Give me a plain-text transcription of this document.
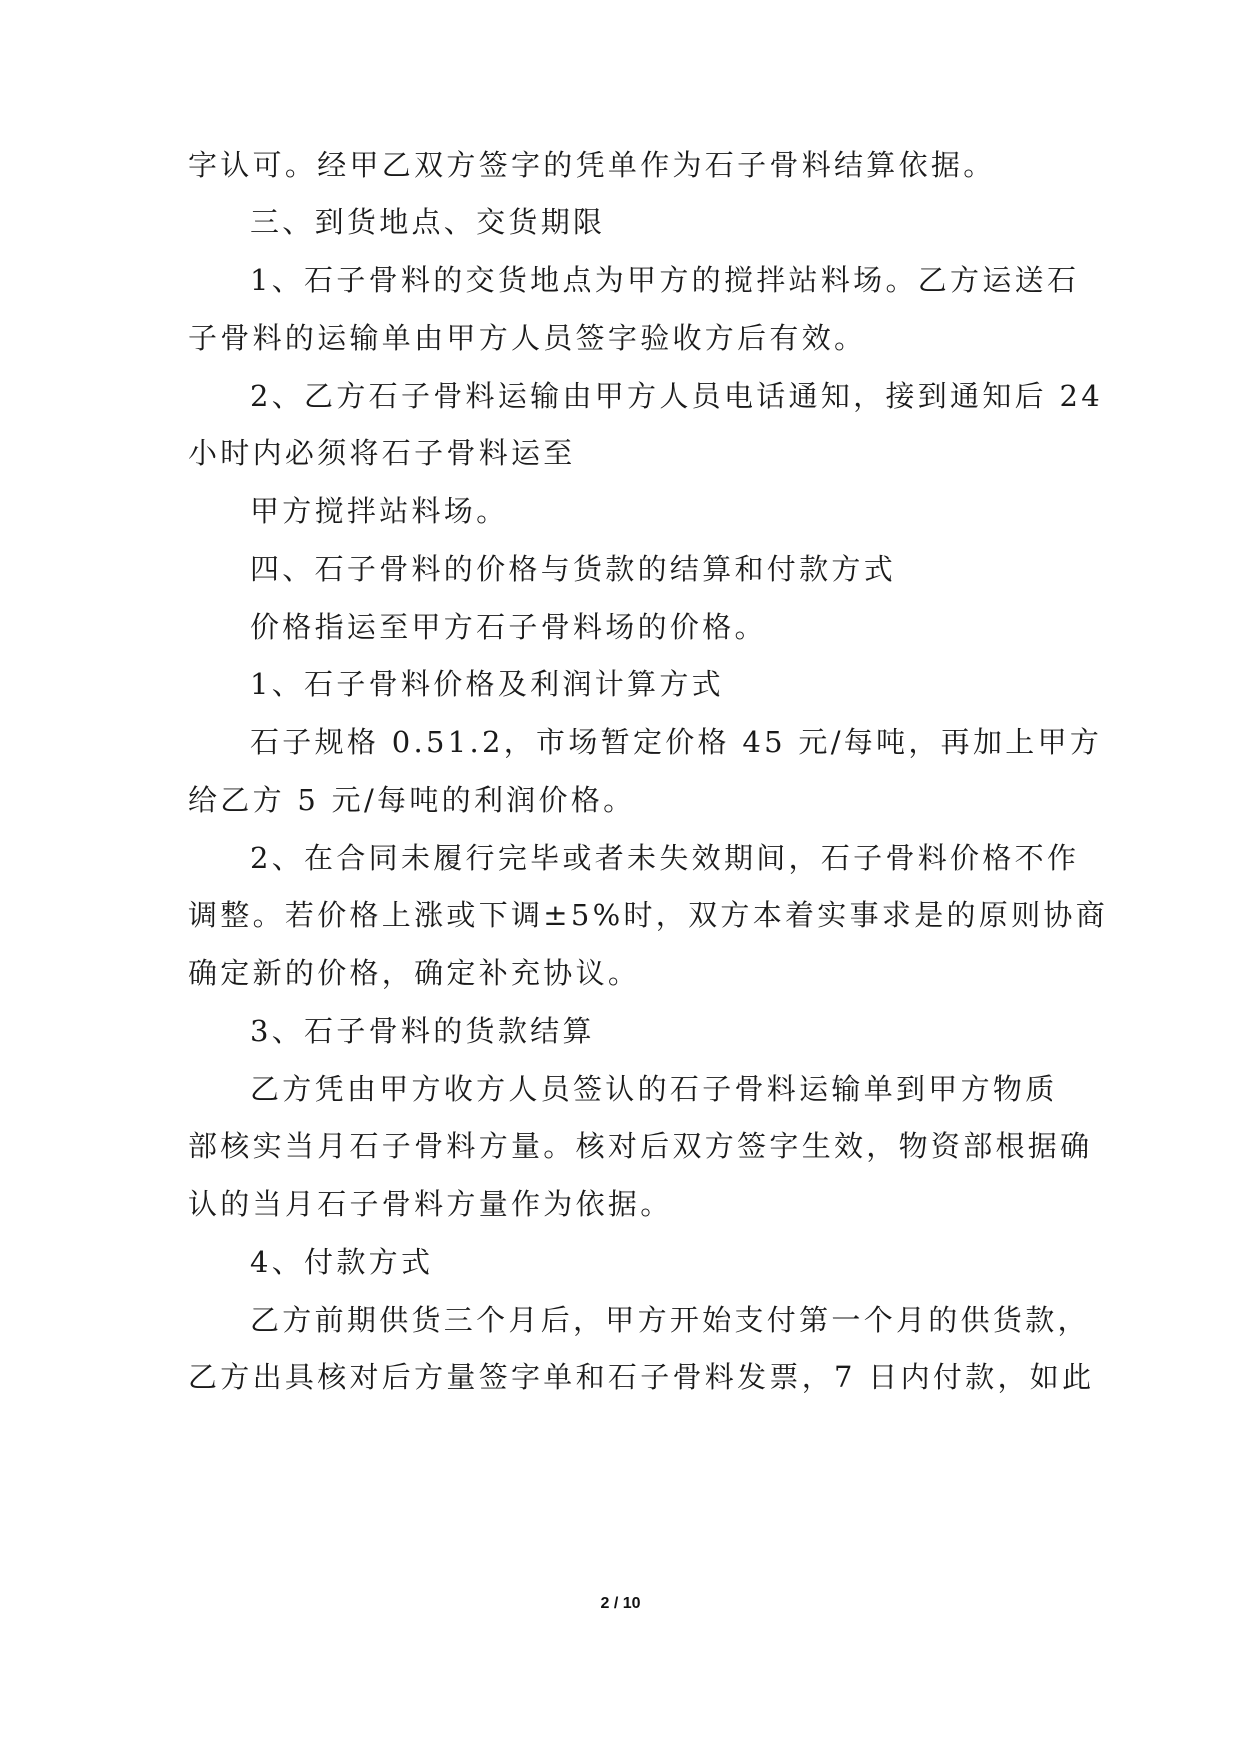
字认可。经甲乙双方签字的凭单作为石子骨料结算依据。
三、到货地点、交货期限
1、石子骨料的交货地点为甲方的搅拌站料场。乙方运送石
子骨料的运输单由甲方人员签字验收方后有效。
2、乙方石子骨料运输由甲方人员电话通知，接到通知后 24
小时内必须将石子骨料运至
甲方搅拌站料场。
四、石子骨料的价格与货款的结算和付款方式
价格指运至甲方石子骨料场的价格。
1、石子骨料价格及利润计算方式
石子规格 0.51.2，市场暂定价格 45 元/每吨，再加上甲方
给乙方 5 元/每吨的利润价格。
2、在合同未履行完毕或者未失效期间，石子骨料价格不作
调整。若价格上涨或下调±5%时，双方本着实事求是的原则协商
确定新的价格，确定补充协议。
3、石子骨料的货款结算
乙方凭由甲方收方人员签认的石子骨料运输单到甲方物质
部核实当月石子骨料方量。核对后双方签字生效，物资部根据确
认的当月石子骨料方量作为依据。
4、付款方式
乙方前期供货三个月后，甲方开始支付第一个月的供货款，
乙方出具核对后方量签字单和石子骨料发票，7 日内付款，如此
2 / 10
